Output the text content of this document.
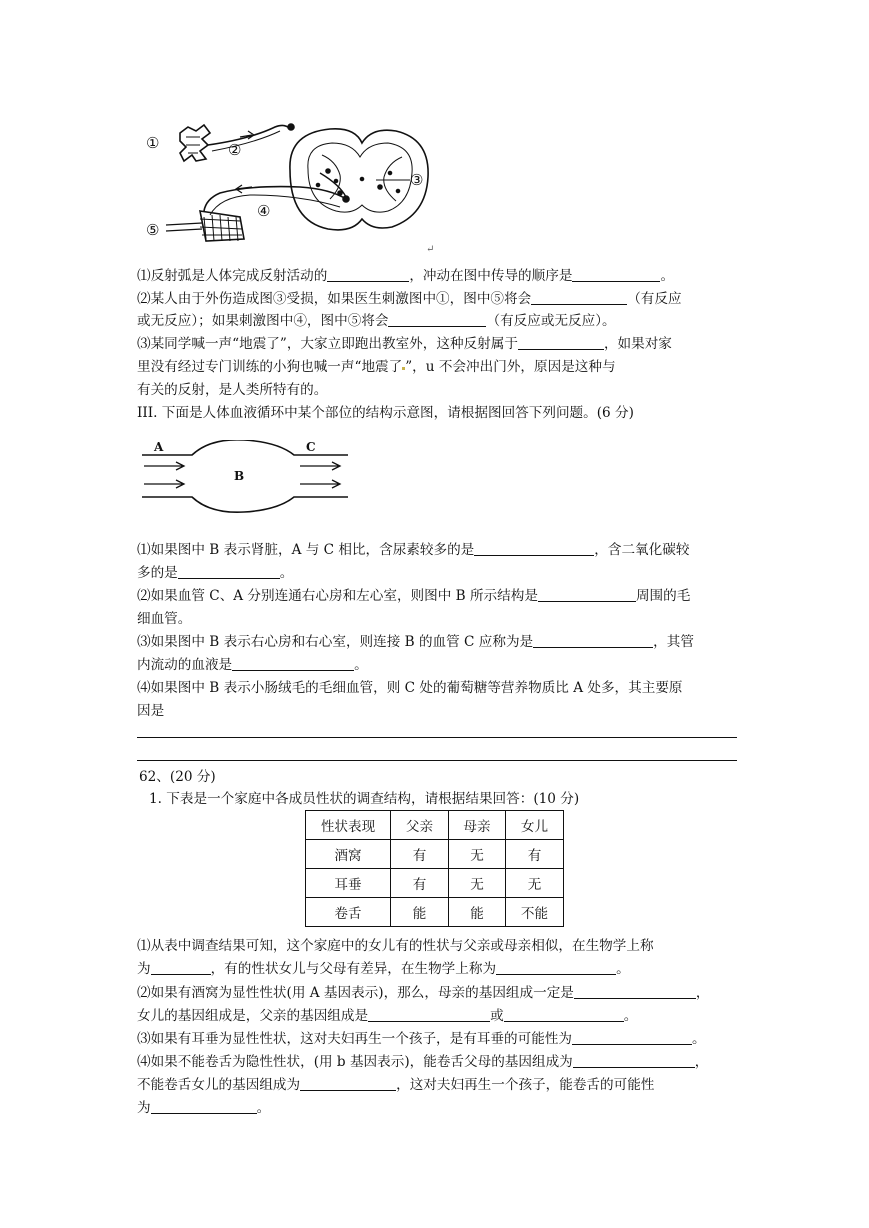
①	②
③
④
⑤
↵
⑴反射弧是人体完成反射活动的	，冲动在图中传导的顺序是	。
⑵某人由于外伤造成图③受损，如果医生刺激图中①，图中⑤将会	（有反应
或无反应）；如果刺激图中④，图中⑤将会	（有反应或无反应）。
⑶某同学喊一声“地震了”，大家立即跑出教室外，这种反射属于	，如果对家
里没有经过专门训练的小狗也喊一声“地震了 ”，u 不会冲出门外，原因是这种与
有关的反射，是人类所特有的。
III. 下面是人体血液循环中某个部位的结构示意图，请根据图回答下列问题。(6 分)
A
B
C
⑴如果图中 B 表示肾脏，A 与 C 相比，含尿素较多的是	，含二氧化碳较
多的是	。
⑵如果血管 C、A 分别连通右心房和左心室，则图中 B 所示结构是	周围的毛
细血管。
⑶如果图中 B 表示右心房和右心室，则连接 B 的血管 C 应称为是	，其管
内流动的血液是	。
⑷如果图中 B 表示小肠绒毛的毛细血管，则 C 处的葡萄糖等营养物质比 A 处多，其主要原
因是
62、(20 分)
1. 下表是一个家庭中各成员性状的调查结构，请根据结果回答：(10 分)
性状表现	父亲	母亲	女儿
酒窝	有	无	有
耳垂	有	无	无
卷舌	能	能	不能
⑴从表中调查结果可知，这个家庭中的女儿有的性状与父亲或母亲相似，在生物学上称
为	，有的性状女儿与父母有差异，在生物学上称为	。
⑵如果有酒窝为显性性状(用 A 基因表示)，那么，母亲的基因组成一定是	，
女儿的基因组成是，父亲的基因组成是	或	。
⑶如果有耳垂为显性性状，这对夫妇再生一个孩子，是有耳垂的可能性为	。
⑷如果不能卷舌为隐性性状，(用 b 基因表示)，能卷舌父母的基因组成为	，
不能卷舌女儿的基因组成为	，这对夫妇再生一个孩子，能卷舌的可能性
为	。
